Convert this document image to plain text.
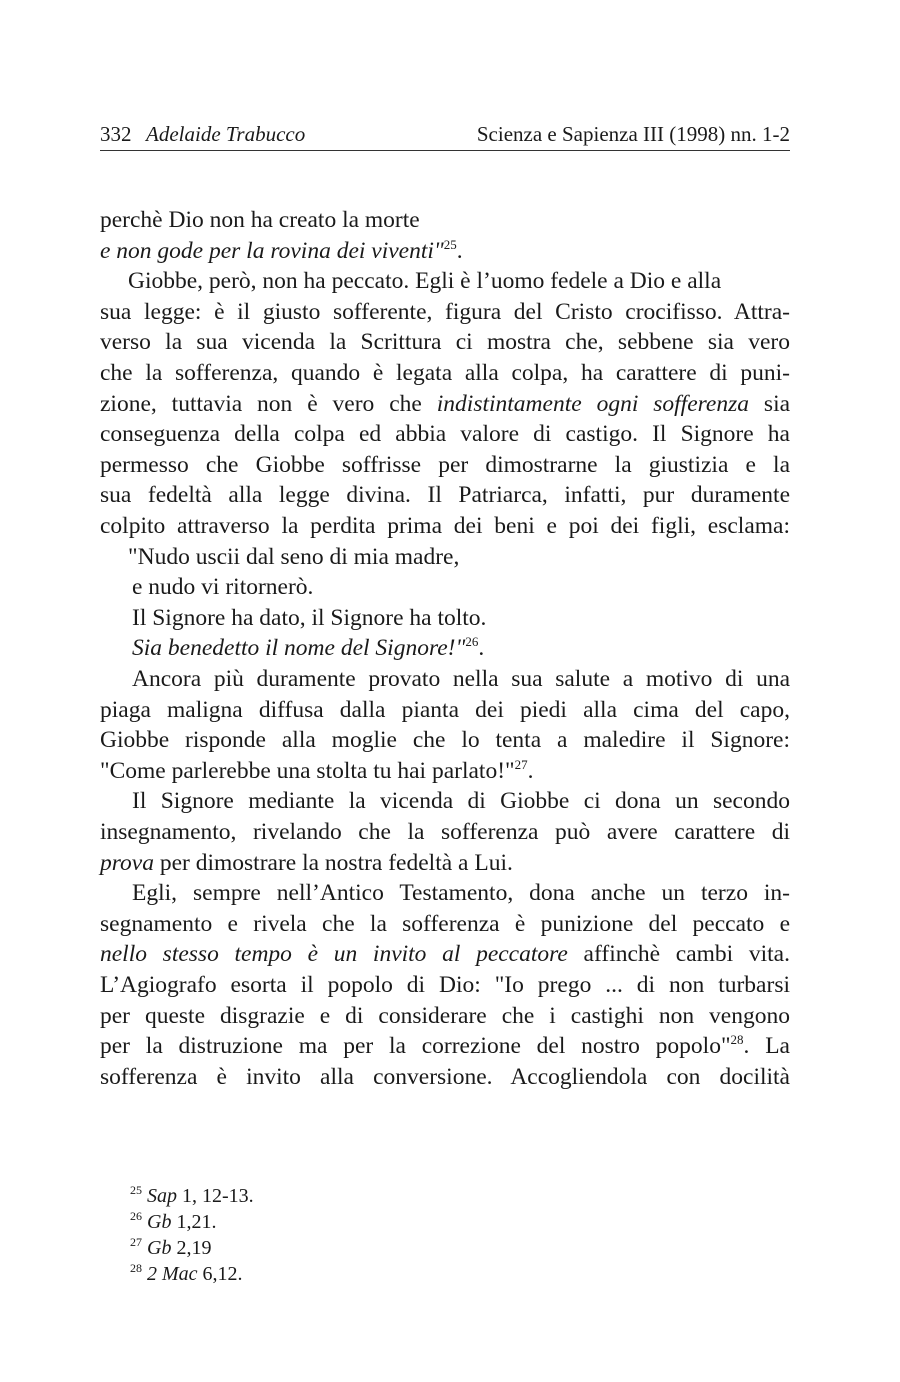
332 Adelaide Trabucco	Scienza e Sapienza III (1998) nn. 1-2
perchè Dio non ha creato la morte
e non gode per la rovina dei viventi"$^{25}$.
Giobbe, però, non ha peccato. Egli è l’uomo fedele a Dio e alla
sua legge: è il giusto sofferente, figura del Cristo crocifisso. Attra-
verso la sua vicenda la Scrittura ci mostra che, sebbene sia vero
che la sofferenza, quando è legata alla colpa, ha carattere di puni-
zione, tuttavia non è vero che indistintamente ogni sofferenza sia
conseguenza della colpa ed abbia valore di castigo. Il Signore ha
permesso che Giobbe soffrisse per dimostrarne la giustizia e la
sua fedeltà alla legge divina. Il Patriarca, infatti, pur duramente
colpito attraverso la perdita prima dei beni e poi dei figli, esclama:
"Nudo uscii dal seno di mia madre,
e nudo vi ritornerò.
Il Signore ha dato, il Signore ha tolto.
Sia benedetto il nome del Signore!"$^{26}$.
Ancora più duramente provato nella sua salute a motivo di una
piaga maligna diffusa dalla pianta dei piedi alla cima del capo,
Giobbe risponde alla moglie che lo tenta a maledire il Signore:
"Come parlerebbe una stolta tu hai parlato!"$^{27}$.
Il Signore mediante la vicenda di Giobbe ci dona un secondo
insegnamento, rivelando che la sofferenza può avere carattere di
prova per dimostrare la nostra fedeltà a Lui.
Egli, sempre nell’Antico Testamento, dona anche un terzo in-
segnamento e rivela che la sofferenza è punizione del peccato e
nello stesso tempo è un invito al peccatore affinchè cambi vita.
L’Agiografo esorta il popolo di Dio: "Io prego ... di non turbarsi
per queste disgrazie e di considerare che i castighi non vengono
per la distruzione ma per la correzione del nostro popolo"$^{28}$. La
sofferenza è invito alla conversione. Accogliendola con docilità
$^{25}$ Sap 1, 12-13.
$^{26}$ Gb 1,21.
$^{27}$ Gb 2,19
$^{28}$ 2 Mac 6,12.
